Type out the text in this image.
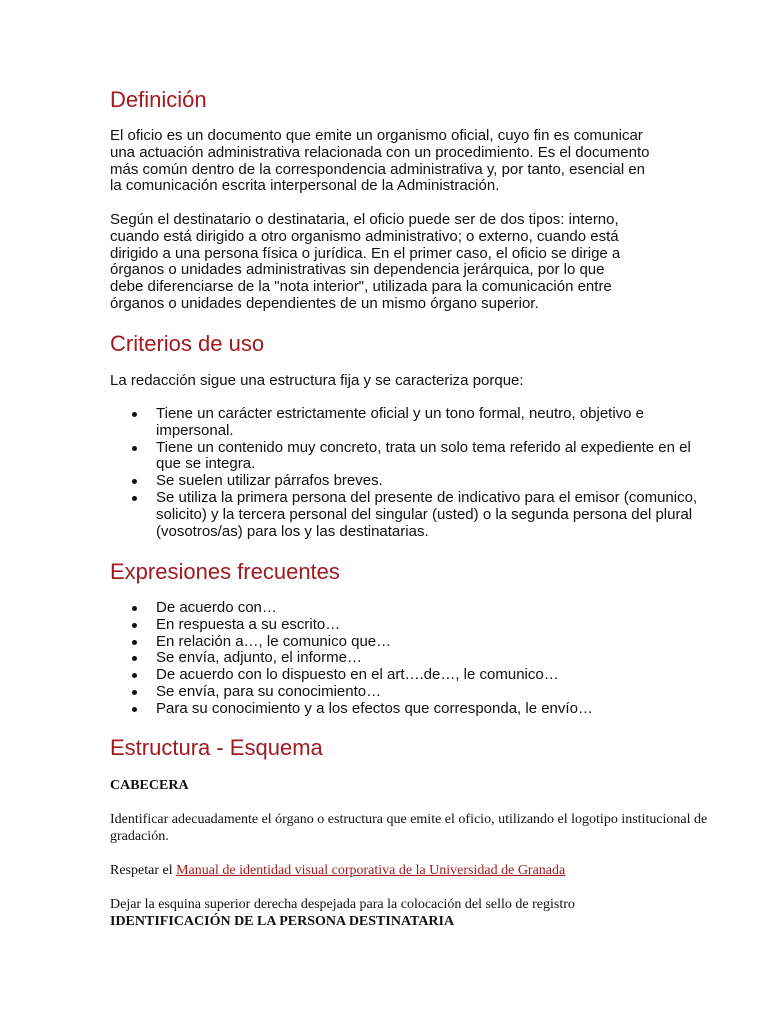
Definición

El oficio es un documento que emite un organismo oficial, cuyo fin es comunicar una actuación administrativa relacionada con un procedimiento. Es el documento más común dentro de la correspondencia administrativa y, por tanto, esencial en la comunicación escrita interpersonal de la Administración.

Según el destinatario o destinataria, el oficio puede ser de dos tipos: interno, cuando está dirigido a otro organismo administrativo; o externo, cuando está dirigido a una persona física o jurídica. En el primer caso, el oficio se dirige a órganos o unidades administrativas sin dependencia jerárquica, por lo que debe diferenciarse de la "nota interior", utilizada para la comunicación entre órganos o unidades dependientes de un mismo órgano superior.

Criterios de uso

La redacción sigue una estructura fija y se caracteriza porque:

Tiene un carácter estrictamente oficial y un tono formal, neutro, objetivo e impersonal.
Tiene un contenido muy concreto, trata un solo tema referido al expediente en el que se integra.
Se suelen utilizar párrafos breves.
Se utiliza la primera persona del presente de indicativo para el emisor (comunico, solicito) y la tercera personal del singular (usted) o la segunda persona del plural (vosotros/as) para los y las destinatarias.
Expresiones frecuentes
De acuerdo con…
En respuesta a su escrito…
En relación a…, le comunico que…
Se envía, adjunto, el informe…
De acuerdo con lo dispuesto en el art….de…, le comunico…
Se envía, para su conocimiento…
Para su conocimiento y a los efectos que corresponda, le envío…
Estructura - Esquema

CABECERA

Identificar adecuadamente el órgano o estructura que emite el oficio, utilizando el logotipo institucional de

gradación.

Respetar el Manual de identidad visual corporativa de la Universidad de Granada

Dejar la esquina superior derecha despejada para la colocación del sello de registro

IDENTIFICACIÓN DE LA PERSONA DESTINATARIA
